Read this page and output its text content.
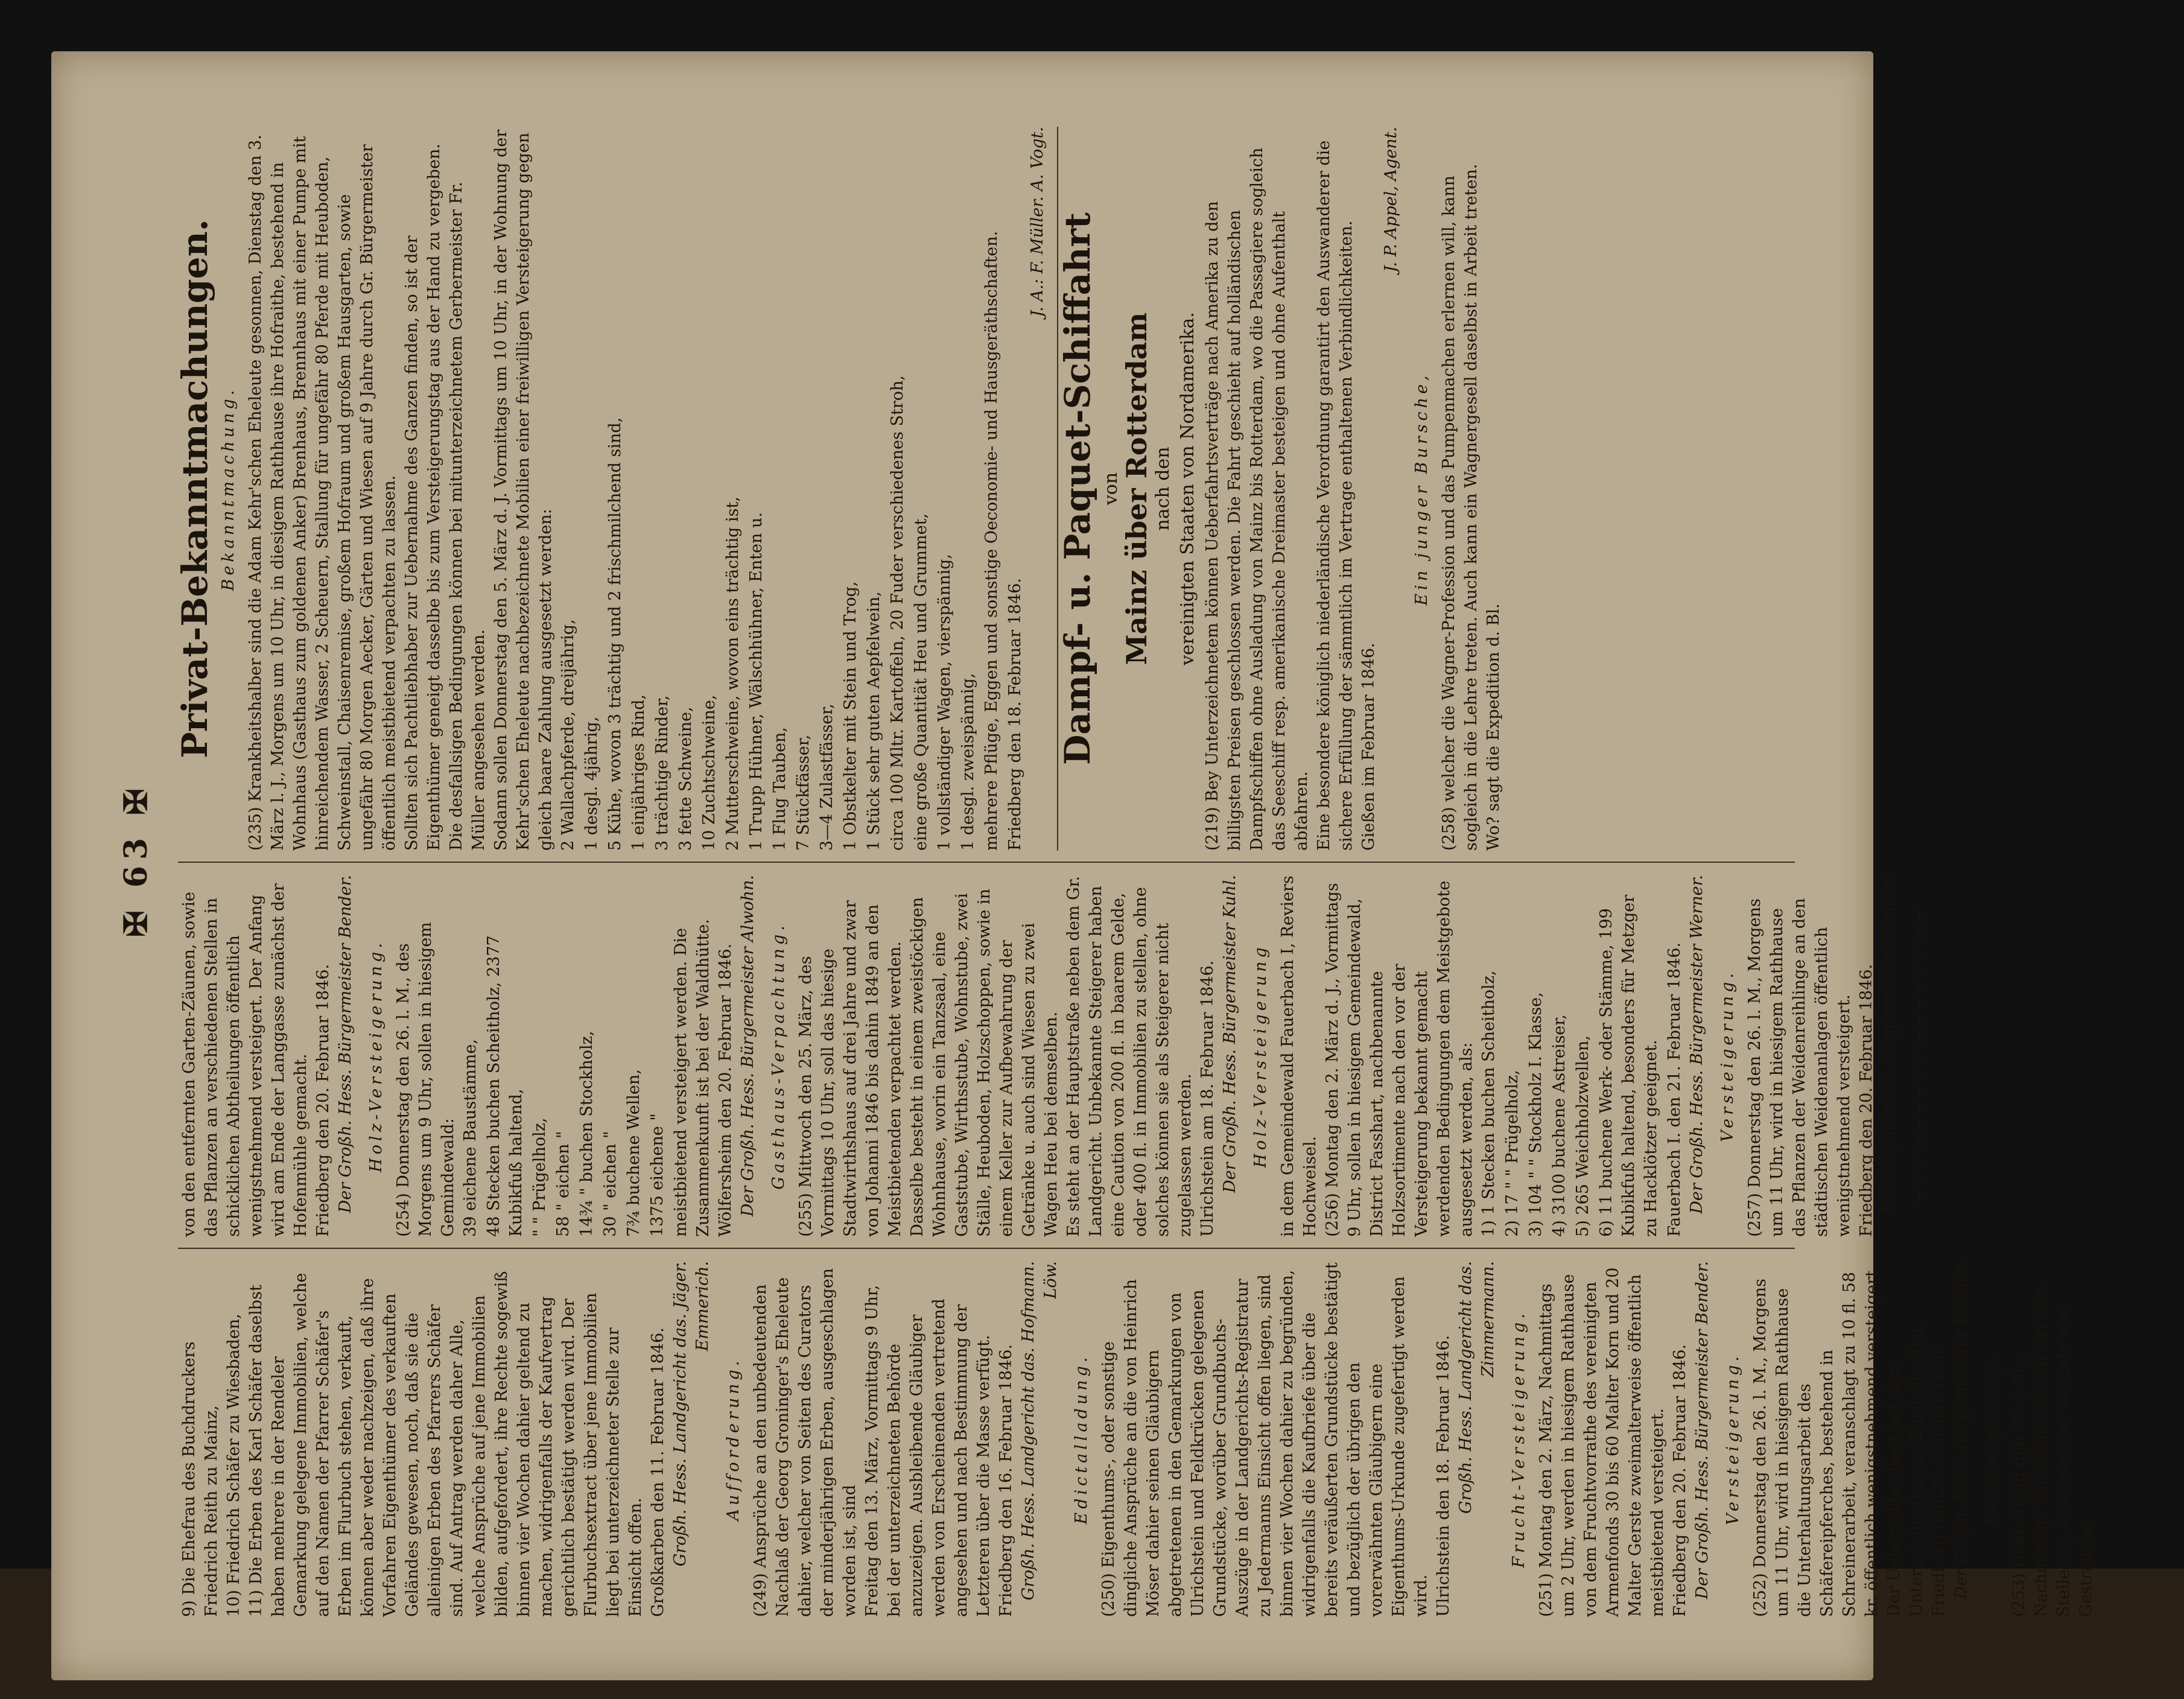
✠ 63 ✠
9) Die Ehefrau des Buchdruckers Friedrich Reith zu Mainz, 10) Friedrich Schäfer zu Wiesbaden, 11) Die Erben des Karl Schäfer daselbst haben mehrere in der Rendeler Gemarkung gelegene Immobilien, welche auf den Namen der Pfarrer Schäfer's Erben im Flurbuch stehen, verkauft, können aber weder nachzeigen, daß ihre Vorfahren Eigenthümer des verkauften Geländes gewesen, noch, daß sie die alleinigen Erben des Pfarrers Schäfer sind. Auf Antrag werden daher Alle, welche Ansprüche auf jene Immobilien bilden, aufgefordert, ihre Rechte sogewiß binnen vier Wochen dahier geltend zu machen, widrigenfalls der Kaufvertrag gerichtlich bestätigt werden wird. Der Flurbuchsextract über jene Immobilien liegt bei unterzeichneter Stelle zur Einsicht offen. Großkarben den 11. Februar 1846. Großh. Hess. Landgericht das. Jäger. Emmerich.
Aufforderung. (249) Ansprüche an den unbedeutenden Nachlaß der Georg Groninger's Eheleute dahier, welcher von Seiten des Curators der minderjährigen Erben, ausgeschlagen worden ist, sind Freitag den 13. März, Vormittags 9 Uhr, bei der unterzeichneten Behörde anzuzeigen. Ausbleibende Gläubiger werden von Erscheinenden vertretend angesehen und nach Bestimmung der Letzteren über die Masse verfügt. Friedberg den 16. Februar 1846. Großh. Hess. Landgericht das. Hofmann. Löw.
Edictalladung. (250) Eigenthums-, oder sonstige dingliche Ansprüche an die von Heinrich Möser dahier seinen Gläubigern abgetretenen in den Gemarkungen von Ulrichstein und Feldkrücken gelegenen Grundstücke, worüber Grundbuchs-Auszüge in der Landgerichts-Registratur zu Jedermanns Einsicht offen liegen, sind binnen vier Wochen dahier zu begründen, widrigenfalls die Kaufbriefe über die bereits veräußerten Grundstücke bestätigt und bezüglich der übrigen den vorerwähnten Gläubigern eine Eigenthums-Urkunde zugefertigt werden wird. Ulrichstein den 18. Februar 1846. Großh. Hess. Landgericht das. Zimmermann. Frucht-Versteigerung. (251) Montag den 2. März, Nachmittags um 2 Uhr, werden in hiesigem Rathhause von dem Fruchtvorrathe des vereinigten Armenfonds 30 bis 60 Malter Korn und 20 Malter Gerste zweimalterweise öffentlich meistbietend versteigert. Friedberg den 20. Februar 1846. Der Großh. Hess. Bürgermeister Bender. Versteigerung. (252) Donnerstag den 26. l. M., Morgens um 11 Uhr, wird in hiesigem Rathhause die Unterhaltungsarbeit des Schäfereipferches, bestehend in Schreinerarbeit, veranschlagt zu 10 fl. 58 kr. öffentlich wenigstnehmend versteigert. Der Ueberschlag liegt bei dem Unterzeichneten zur Einsicht offen. Friedberg den 20. Februar 1846. Der Großh. Hess. Bürgermeister Bender. Versteigerung. (253) Donnerstag den 26. l. M., Nachmittags um 2 Uhr, wird an Ort und Stelle das Ausbauen der Wurzeln und Gesträuche
von den entfernten Garten-Zäunen, sowie das Pflanzen an verschiedenen Stellen in schicklichen Abtheilungen öffentlich wenigstnehmend versteigert. Der Anfang wird am Ende der Langgasse zunächst der Hofenmühle gemacht. Friedberg den 20. Februar 1846. Der Großh. Hess. Bürgermeister Bender. Holz-Versteigerung. (254) Donnerstag den 26. l. M., des Morgens um 9 Uhr, sollen in hiesigem Gemindewald: 39 eichene Baustämme, 48 Stecken buchen Scheitholz, 2377 Kubikfuß haltend, " " Prügelholz, 58 " eichen " 14¾ " buchen Stockholz, 30 " eichen " 7¾ buchene Wellen, 1375 eichene " meistbietend versteigert werden. Die Zusammenkunft ist bei der Waldhütte. Wölfersheim den 20. Februar 1846. Der Großh. Hess. Bürgermeister Alwohn. Gasthaus-Verpachtung. (255) Mittwoch den 25. März, des Vormittags 10 Uhr, soll das hiesige Stadtwirthshaus auf drei Jahre und zwar von Johanni 1846 bis dahin 1849 an den Meistbietenden verpachtet werden. Dasselbe besteht in einem zweistöckigen Wohnhause, worin ein Tanzsaal, eine Gaststube, Wirthsstube, Wohnstube, zwei Ställe, Heuboden, Holzschoppen, sowie in einem Keller zur Aufbewahrung der Getränke u. auch sind Wiesen zu zwei Wagen Heu bei demselben. Es steht an der Hauptstraße neben dem Gr. Landgericht. Unbekannte Steigerer haben eine Caution von 200 fl. in baarem Gelde, oder 400 fl. in Immobilien zu stellen, ohne solches können sie als Steigerer nicht zugelassen werden. Ulrichstein am 18. Februar 1846. Der Großh. Hess. Bürgermeister Kuhl. Holz-Versteigerung in dem Gemeindewald Fauerbach I, Reviers Hochweisel. (256) Montag den 2. März d. J., Vormittags 9 Uhr, sollen in hiesigem Gemeindewald, District Fasshart, nachbenannte Holzsortimente nach den vor der Versteigerung bekannt gemacht werdenden Bedingungen dem Meistgebote ausgesetzt werden, als: 1) 1 Stecken buchen Scheitholz, 2) 17 " " Prügelholz, 3) 104 " " Stockholz I. Klasse, 4) 3100 buchene Astreiser, 5) 265 Weichholzwellen, 6) 11 buchene Werk- oder Stämme, 199 Kubikfuß haltend, besonders für Metzger zu Hacklötzer geeignet. Fauerbach I. den 21. Februar 1846. Der Großh. Hess. Bürgermeister Werner. Versteigerung. (257) Donnerstag den 26. l. M., Morgens um 11 Uhr, wird in hiesigem Rathhause das Pflanzen der Weidenreihlinge an den städtischen Weidenanlagen öffentlich wenigstnehmend versteigert. Friedberg den 20. Februar 1846. Der Großh. Hess. Bürgermeister Bender. ~~~~~~~~~~~~~~~~~~~~
Privat-Bekanntmachungen. Bekanntmachung. (235) Krankheitshalber sind die Adam Kehr'schen Eheleute gesonnen, Dienstag den 3. März l. J., Morgens um 10 Uhr, in diesigem Rathhause ihre Hofraithe, bestehend in Wohnhaus (Gasthaus zum goldenen Anker) Brenhaus, Brennhaus mit einer Pumpe mit hinreichendem Wasser, 2 Scheuern, Stallung für ungefähr 80 Pferde mit Heuboden, Schweinstall, Chaisenremise, großem Hofraum und großem Hausgarten, sowie ungefähr 80 Morgen Aecker, Gärten und Wiesen auf 9 Jahre durch Gr. Bürgermeister öffentlich meistbietend verpachten zu lassen. Sollten sich Pachtliebhaber zur Uebernahme des Ganzen finden, so ist der Eigenthümer geneigt dasselbe bis zum Versteigerungstag aus der Hand zu vergeben. Die desfallsigen Bedingungen können bei mitunterzeichnetem Gerbermeister Fr. Müller angesehen werden. Sodann sollen Donnerstag den 5. März d. J. Vormittags um 10 Uhr, in der Wohnung der Kehr'schen Eheleute nachbezeichnete Mobilien einer freiwilligen Versteigerung gegen gleich baare Zahlung ausgesetzt werden: 2 Wallachpferde, dreijährig, 1 desgl. 4jährig, 5 Kühe, wovon 3 trächtig und 2 frischmilchend sind, 1 einjähriges Rind, 3 trächtige Rinder, 3 fette Schweine, 10 Zuchtschweine, 2 Mutterschweine, wovon eins trächtig ist, 1 Trupp Hühner, Wälschhühner, Enten u. 1 Flug Tauben, 7 Stückfässer, 3—4 Zulastfässer, 1 Obstkelter mit Stein und Trog, 1 Stück sehr guten Aepfelwein, circa 100 Mltr. Kartoffeln, 20 Fuder verschiedenes Stroh, eine große Quantität Heu und Grummet, 1 vollständiger Wagen, vierspännig, 1 desgl. zweispännig, mehrere Pflüge, Eggen und sonstige Oeconomie- und Hausgeräthschaften. Friedberg den 18. Februar 1846.
J. A.: F. Müller. A. Vogt. Dampf- u. Paquet-Schiffahrt von
Mainz über Rotterdam nach den vereinigten Staaten von Nordamerika. (219) Bey Unterzeichnetem können Ueberfahrtsverträge nach Amerika zu den billigsten Preisen geschlossen werden. Die Fahrt geschieht auf holländischen Dampfschiffen ohne Ausladung von Mainz bis Rotterdam, wo die Passagiere sogleich das Seeschiff resp. amerikanische Dreimaster besteigen und ohne Aufenthalt abfahren. Eine besondere königlich niederländische Verordnung garantirt den Auswanderer die sichere Erfüllung der sämmtlich im Vertrage enthaltenen Verbindlichkeiten. Gießen im Februar 1846.
J. P. Appel, Agent.
Ein junger Bursche, (258) welcher die Wagner-Profession und das Pumpenmachen erlernen will, kann sogleich in die Lehre treten. Auch kann ein Wagnergesell daselbst in Arbeit treten. Wo? sagt die Expedition d. Bl.
